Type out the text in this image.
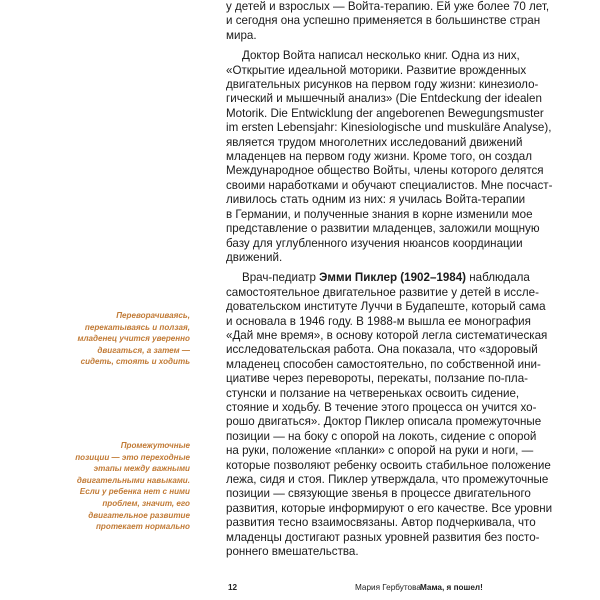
у детей и взрослых — Войта-терапию. Ей уже более 70 лет,
и сегодня она успешно применяется в большинстве стран
мира.

Доктор Войта написал несколько книг. Одна из них,
«Открытие идеальной моторики. Развитие врожденных
двигательных рисунков на первом году жизни: кинезиоло-
гический и мышечный анализ» (Die Entdeckung der idealen
Motorik. Die Entwicklung der angeborenen Bewegungsmuster
im ersten Lebensjahr: Kinesiologische und muskuläre Analyse),
является трудом многолетних исследований движений
младенцев на первом году жизни. Кроме того, он создал
Международное общество Войты, члены которого делятся
своими наработками и обучают специалистов. Мне посчаст-
ливилось стать одним из них: я училась Войта-терапии
в Германии, и полученные знания в корне изменили мое
представление о развитии младенцев, заложили мощную
базу для углубленного изучения нюансов координации
движений.

Врач-педиатр Эмми Пиклер (1902–1984) наблюдала
самостоятельное двигательное развитие у детей в иссле-
довательском институте Луччи в Будапеште, который сама
и основала в 1946 году. В 1988-м вышла ее монография
«Дай мне время», в основу которой легла систематическая
исследовательская работа. Она показала, что «здоровый
младенец способен самостоятельно, по собственной ини-
циативе через перевороты, перекаты, ползание по-пла-
стунски и ползание на четвереньках освоить сидение,
стояние и ходьбу. В течение этого процесса он учится хо-
рошо двигаться». Доктор Пиклер описала промежуточные
позиции — на боку с опорой на локоть, сидение с опорой
на руки, положение «планки» с опорой на руки и ноги, —
которые позволяют ребенку освоить стабильное положение
лежа, сидя и стоя. Пиклер утверждала, что промежуточные
позиции — связующие звенья в процессе двигательного
развития, которые информируют о его качестве. Все уровни
развития тесно взаимосвязаны. Автор подчеркивала, что
младенцы достигают разных уровней развития без посто-
роннего вмешательства.

Переворачиваясь,
перекатываясь и ползая,
младенец учится уверенно
двигаться, а затем —
сидеть, стоять и ходить
Промежуточные
позиции — это переходные
этапы между важными
двигательными навыками.
Если у ребенка нет с ними
проблем, значит, его
двигательное развитие
протекает нормально
12	Мария Гербутова Мама, я пошел!
